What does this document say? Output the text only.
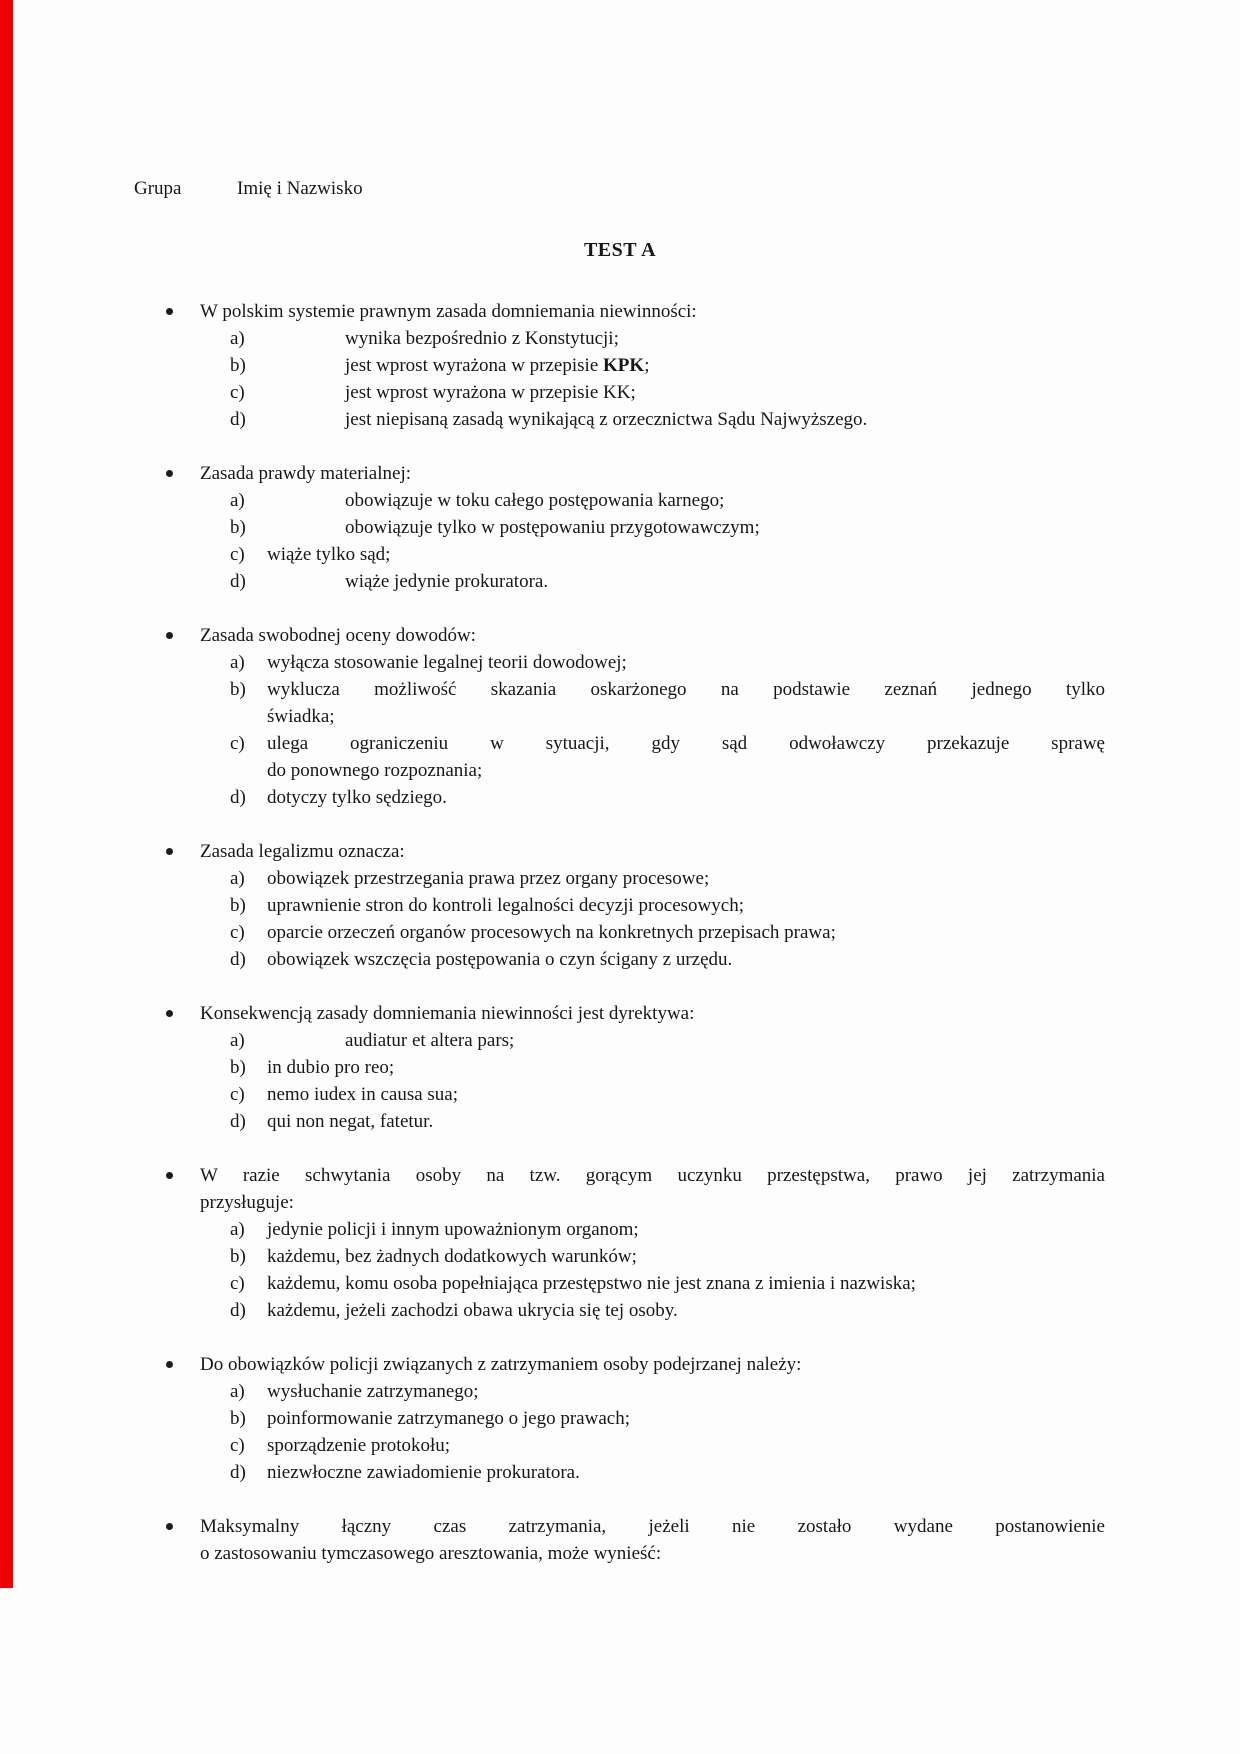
Grupa	Imię i Nazwisko
TEST A
W polskim systemie prawnym zasada domniemania niewinności:
a)	wynika bezpośrednio z Konstytucji;
b)	jest wprost wyrażona w przepisie KPK;
c)	jest wprost wyrażona w przepisie KK;
d)	jest niepisaną zasadą wynikającą z orzecznictwa Sądu Najwyższego.
Zasada prawdy materialnej:
a)	obowiązuje w toku całego postępowania karnego;
b)	obowiązuje tylko w postępowaniu przygotowawczym;
c) wiąże tylko sąd;
d)	wiąże jedynie prokuratora.
Zasada swobodnej oceny dowodów:
a) wyłącza stosowanie legalnej teorii dowodowej;
b) wyklucza możliwość skazania oskarżonego na podstawie zeznań jednego tylko
świadka;
c) ulega ograniczeniu w sytuacji, gdy sąd odwoławczy przekazuje sprawę
do ponownego rozpoznania;
d) dotyczy tylko sędziego.
Zasada legalizmu oznacza:
a) obowiązek przestrzegania prawa przez organy procesowe;
b) uprawnienie stron do kontroli legalności decyzji procesowych;
c) oparcie orzeczeń organów procesowych na konkretnych przepisach prawa;
d) obowiązek wszczęcia postępowania o czyn ścigany z urzędu.
Konsekwencją zasady domniemania niewinności jest dyrektywa:
a)	audiatur et altera pars;
b) in dubio pro reo;
c) nemo iudex in causa sua;
d) qui non negat, fatetur.
W razie schwytania osoby na tzw. gorącym uczynku przestępstwa, prawo jej zatrzymania
przysługuje:
a) jedynie policji i innym upoważnionym organom;
b) każdemu, bez żadnych dodatkowych warunków;
c) każdemu, komu osoba popełniająca przestępstwo nie jest znana z imienia i nazwiska;
d) każdemu, jeżeli zachodzi obawa ukrycia się tej osoby.
Do obowiązków policji związanych z zatrzymaniem osoby podejrzanej należy:
a) wysłuchanie zatrzymanego;
b) poinformowanie zatrzymanego o jego prawach;
c) sporządzenie protokołu;
d) niezwłoczne zawiadomienie prokuratora.
Maksymalny łączny czas zatrzymania, jeżeli nie zostało wydane postanowienie
o zastosowaniu tymczasowego aresztowania, może wynieść:
